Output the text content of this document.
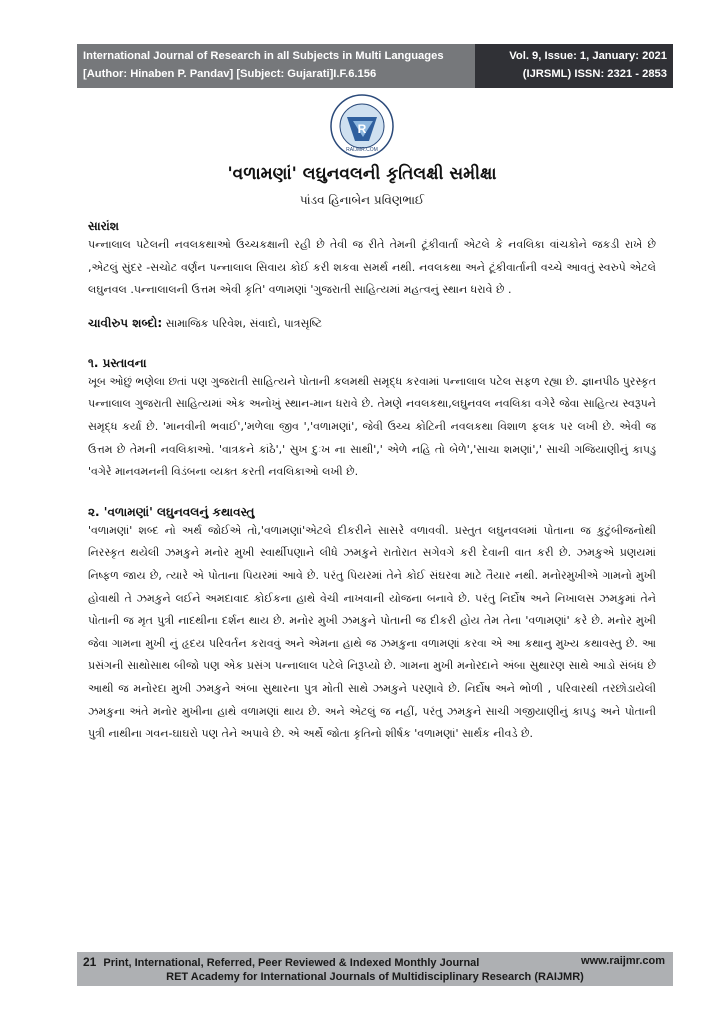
International Journal of Research in all Subjects in Multi Languages
[Author: Hinaben P. Pandav] [Subject: Gujarati]I.F.6.156
Vol. 9, Issue: 1, January: 2021
(IJRSML) ISSN: 2321 - 2853
R
RAIJMR.COM
'વળામણાં' લઘુનવલની કૃતિલક્ષી સમીક્ષા
પાંડવ હિનાબેન પ્રવિણભાઈ

સારાંશ

પન્નાલાલ પટેલની નવલકથાઓ ઉચ્ચકક્ષાની રહી છે તેવી જ રીતે તેમની ટૂંકીવાર્તા એટલે કે નવલિકા વાંચકોને જકડી રાખે છે ,એટલું સુંદર -સચોટ વર્ણન પન્નાલાલ સિવાય કોઈ કરી શકવા સમર્થ નથી. નવલકથા અને ટૂંકીવાર્તાની વચ્ચે આવતું સ્વરુપે એટલે લઘુનવલ .પન્નાલાલની ઉત્તમ એવી કૃતિ' વળામણાં 'ગુજરાતી સાહિત્યમાં મહત્વનું સ્થાન ધરાવે છે .

ચાવીરુપ શબ્દો: સામાજિક પરિવેશ, સંવાદો, પાત્રસૃષ્ટિ

૧. પ્રસ્તાવના

ખૂબ ઓછું ભણેલા છતાં પણ ગુજરાતી સાહિત્યને પોતાની કલમથી સમૃદ્ધ કરવામાં પન્નાલાલ પટેલ સફળ રહ્યા છે. જ્ઞાનપીઠ પુરસ્કૃત પન્નાલાલ ગુજરાતી સાહિત્યમાં એક અનોખું સ્થાન-માન ધરાવે છે. તેમણે નવલકથા,લઘુનવલ નવલિકા વગેરે જેવા સાહિત્ય સ્વરૂપને સમૃદ્ધ કર્યા છે. 'માનવીની ભવાઈ','મળેલા જીવ ','વળામણાં', જેવી ઉચ્ચ કોટિની નવલકથા વિશાળ ફલક પર લખી છે. એવી જ ઉત્તમ છે તેમની નવલિકાઓ. 'વાત્રકને કાંઠે',' સુખ દુઃખ ના સાથી',' એળે નહિ તો બેળે','સાચા શમણાં',' સાચી ગજિયાણીનું કાપડુ 'વગેરે માનવમનની વિડંબના વ્યક્ત કરતી નવલિકાઓ લખી છે.

૨. 'વળામણાં' લઘુનવલનું કથાવસ્તુ

'વળામણાં' શબ્દ નો અર્થ જોઈએ તો,'વળામણાં'એટલે દીકરીને સાસરે વળાવવી. પ્રસ્તુત લઘુનવલમાં પોતાના જ કુટુંબીજનોથી નિરસ્કૃત થયેલી ઝમકુને મનોર મુખી સ્વાર્થીપણાને લીધે ઝમકુને રાતોરાત સગેવગે કરી દેવાની વાત કરી છે. ઝમકુએ પ્રણયમાં નિષ્ફળ જાય છે, ત્યારે એ પોતાના પિયરમાં આવે છે. પરંતુ પિયરમાં તેને કોઈ સંઘરવા માટે તૈયાર નથી. મનોરમુખીએ ગામનો મુખી હોવાથી તે ઝમકુને લઈને અમદાવાદ કોઈકના હાથે વેચી નાખવાની યોજના બનાવે છે. પરંતુ નિર્દોષ અને નિખાલસ ઝમકુમાં તેને પોતાની જ મૃત પુત્રી નાદથીના દર્શન થાય છે. મનોર મુખી ઝમકુને પોતાની જ દીકરી હોય તેમ તેના 'વળામણાં' કરે છે. મનોર મુખી જેવા ગામના મુખી નું હૃદય પરિવર્તન કરાવવું અને એમના હાથે જ ઝમકુના વળામણાં કરવા એ આ કથાનુ મુખ્ય કથાવસ્તુ છે. આ પ્રસંગની સાથોસાથ બીજો પણ એક પ્રસંગ પન્નાલાલ પટેલે નિરૂપ્યો છે. ગામના મુખી મનોરદાને અંબા સુથારણ સાથે આડો સંબંધ છે આથી જ મનોરદા મુખી ઝમકુને અંબા સુથારના પુત્ર મોતી સાથે ઝમકુને પરણાવે છે. નિર્દોષ અને ભોળી , પરિવારથી તરછોડાયેલી ઝમકુના અંતે મનોર મુખીના હાથે વળામણાં થાય છે. અને એટલું જ નહીં, પરંતુ ઝમકુને સાચી ગજીયાણીનું કાપડુ અને પોતાની પુત્રી નાથીના ગવન-ઘાઘરો પણ તેને અપાવે છે. એ અર્થે જોતા કૃતિનો શીર્ષક 'વળામણાં' સાર્થક નીવડે છે.

21 Print, International, Referred, Peer Reviewed & Indexed Monthly Journal	www.raijmr.com
RET Academy for International Journals of Multidisciplinary Research (RAIJMR)
